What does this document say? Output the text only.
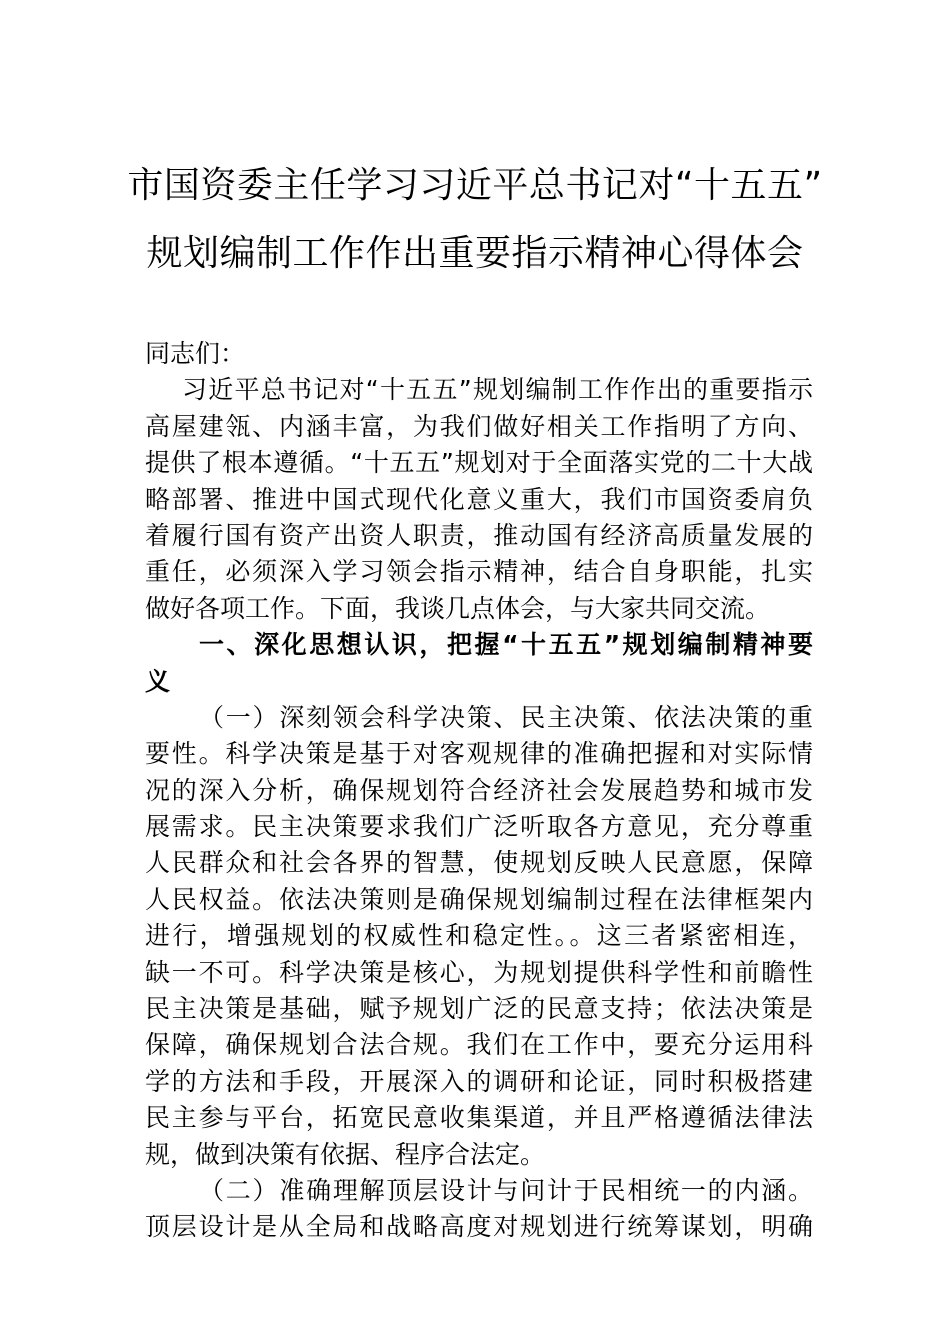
市国资委主任学习习近平总书记对“十五五”
规划编制工作作出重要指示精神心得体会
同志们：
习近平总书记对“十五五”规划编制工作作出的重要指示
高屋建瓴、内涵丰富，为我们做好相关工作指明了方向、
提供了根本遵循。“十五五”规划对于全面落实党的二十大战
略部署、推进中国式现代化意义重大，我们市国资委肩负
着履行国有资产出资人职责，推动国有经济高质量发展的
重任，必须深入学习领会指示精神，结合自身职能，扎实
做好各项工作。下面，我谈几点体会，与大家共同交流。
一、深化思想认识，把握“十五五”规划编制精神要
义
（一）深刻领会科学决策、民主决策、依法决策的重
要性。科学决策是基于对客观规律的准确把握和对实际情
况的深入分析，确保规划符合经济社会发展趋势和城市发
展需求。民主决策要求我们广泛听取各方意见，充分尊重
人民群众和社会各界的智慧，使规划反映人民意愿，保障
人民权益。依法决策则是确保规划编制过程在法律框架内
进行，增强规划的权威性和稳定性。。这三者紧密相连，
缺一不可。科学决策是核心，为规划提供科学性和前瞻性
民主决策是基础，赋予规划广泛的民意支持；依法决策是
保障，确保规划合法合规。我们在工作中，要充分运用科
学的方法和手段，开展深入的调研和论证，同时积极搭建
民主参与平台，拓宽民意收集渠道，并且严格遵循法律法
规，做到决策有依据、程序合法定。
（二）准确理解顶层设计与问计于民相统一的内涵。
顶层设计是从全局和战略高度对规划进行统筹谋划，明确
